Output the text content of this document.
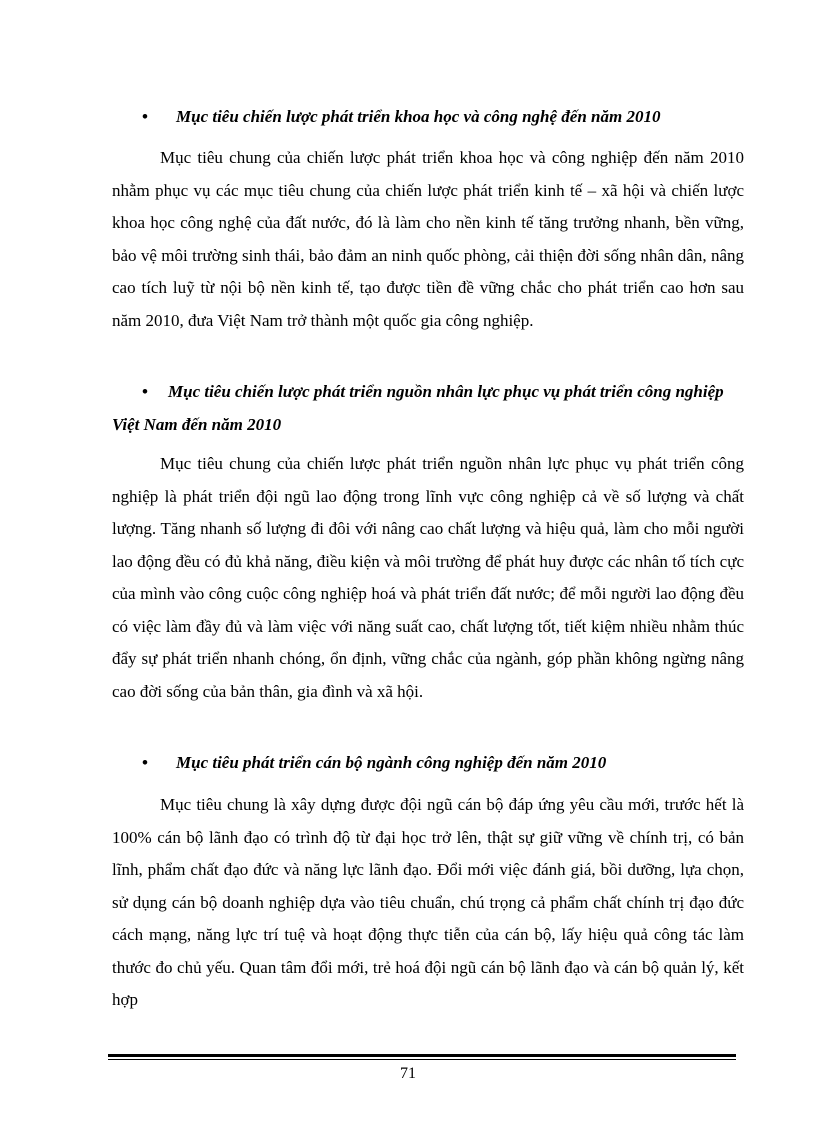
•	Mục tiêu chiến lược phát triển khoa học và công nghệ đến năm 2010
Mục tiêu chung của chiến lược phát triển khoa học và công nghiệp đến năm 2010 nhằm phục vụ các mục tiêu chung của chiến lược phát triển kinh tế – xã hội và chiến lược khoa học công nghệ của đất nước, đó là làm cho nền kinh tế tăng trưởng nhanh, bền vững, bảo vệ môi trường sinh thái, bảo đảm an ninh quốc phòng, cải thiện đời sống nhân dân, nâng cao tích luỹ từ nội bộ nền kinh tế, tạo được tiền đề vững chắc cho phát triển cao hơn sau năm 2010, đưa Việt Nam trở thành một quốc gia công nghiệp.
•	Mục tiêu chiến lược phát triển nguồn nhân lực phục vụ phát triển công nghiệp Việt Nam đến năm 2010
Mục tiêu chung của chiến lược phát triển nguồn nhân lực phục vụ phát triển công nghiệp là phát triển đội ngũ lao động trong lĩnh vực công nghiệp cả về số lượng và chất lượng. Tăng nhanh số lượng đi đôi với nâng cao chất lượng và hiệu quả, làm cho mỗi người lao động đều có đủ khả năng, điều kiện và môi trường để phát huy được các nhân tố tích cực của mình vào công cuộc công nghiệp hoá và phát triển đất nước; để mỗi người lao động đều có việc làm đầy đủ và làm việc với năng suất cao, chất lượng tốt, tiết kiệm nhiều nhằm thúc đẩy sự phát triển nhanh chóng, ổn định, vững chắc của ngành, góp phần không ngừng nâng cao đời sống của bản thân, gia đình và xã hội.
•	Mục tiêu phát triển cán bộ ngành công nghiệp đến năm 2010
Mục tiêu chung là xây dựng được đội ngũ cán bộ đáp ứng yêu cầu mới, trước hết là 100% cán bộ lãnh đạo có trình độ từ đại học trở lên, thật sự giữ vững về chính trị, có bản lĩnh, phẩm chất đạo đức và năng lực lãnh đạo. Đổi mới việc đánh giá, bồi dưỡng, lựa chọn, sử dụng cán bộ doanh nghiệp dựa vào tiêu chuẩn, chú trọng cả phẩm chất chính trị đạo đức cách mạng, năng lực trí tuệ và hoạt động thực tiễn của cán bộ, lấy hiệu quả công tác làm thước đo chủ yếu. Quan tâm đổi mới, trẻ hoá đội ngũ cán bộ lãnh đạo và cán bộ quản lý, kết hợp
71
